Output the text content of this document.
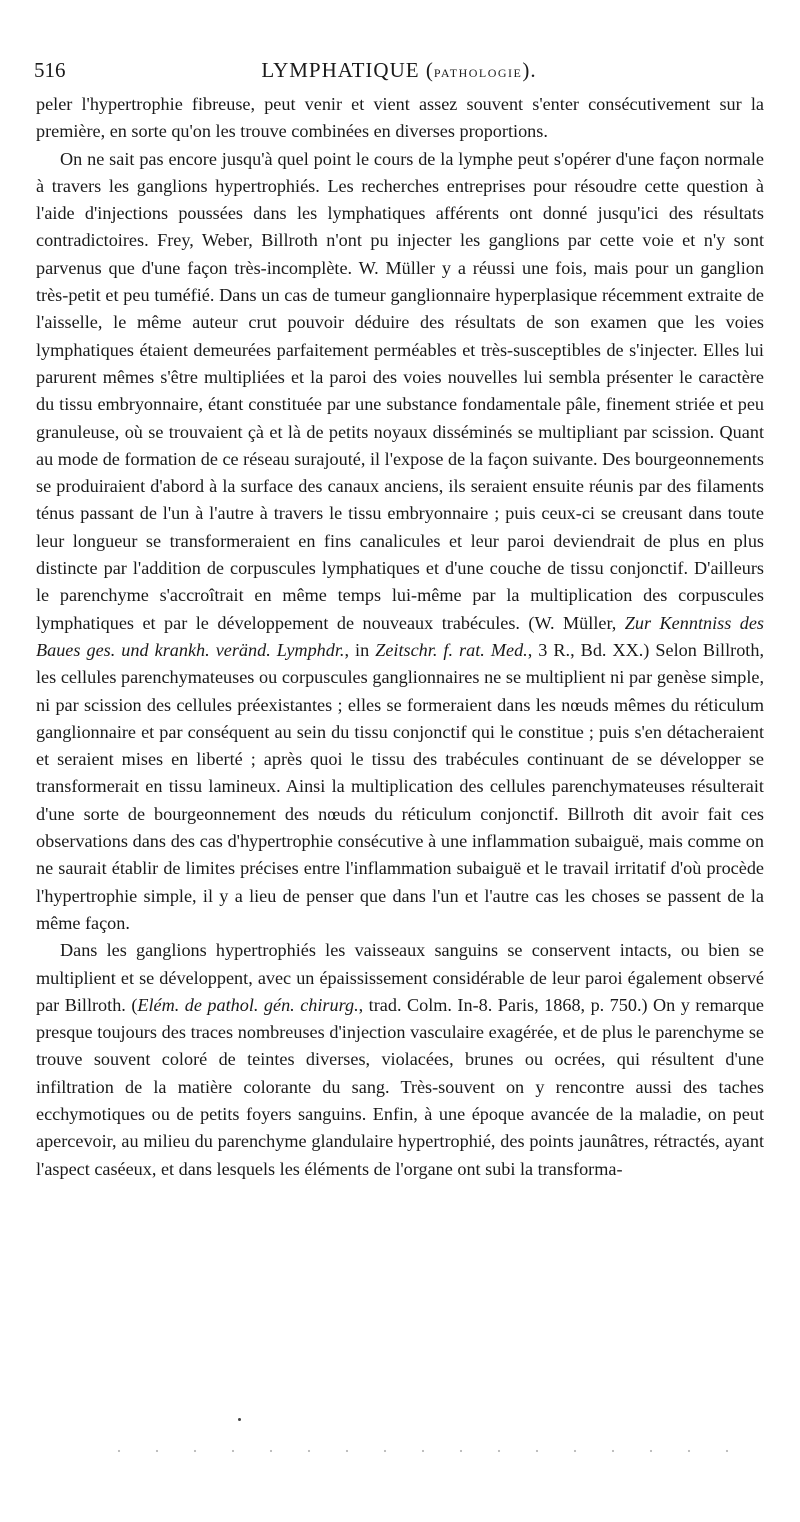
516	LYMPHATIQUE (PATHOLOGIE).

peler l'hypertrophie fibreuse, peut venir et vient assez souvent s'enter consécutivement sur la première, en sorte qu'on les trouve combinées en diverses proportions.

On ne sait pas encore jusqu'à quel point le cours de la lymphe peut s'opérer d'une façon normale à travers les ganglions hypertrophiés. Les recherches entreprises pour résoudre cette question à l'aide d'injections poussées dans les lymphatiques afférents ont donné jusqu'ici des résultats contradictoires. Frey, Weber, Billroth n'ont pu injecter les ganglions par cette voie et n'y sont parvenus que d'une façon très-incomplète. W. Müller y a réussi une fois, mais pour un ganglion très-petit et peu tuméfié. Dans un cas de tumeur ganglionnaire hyperplasique récemment extraite de l'aisselle, le même auteur crut pouvoir déduire des résultats de son examen que les voies lymphatiques étaient demeurées parfaitement perméables et très-susceptibles de s'injecter. Elles lui parurent mêmes s'être multipliées et la paroi des voies nouvelles lui sembla présenter le caractère du tissu embryonnaire, étant constituée par une substance fondamentale pâle, finement striée et peu granuleuse, où se trouvaient çà et là de petits noyaux disséminés se multipliant par scission. Quant au mode de formation de ce réseau surajouté, il l'expose de la façon suivante. Des bourgeonnements se produiraient d'abord à la surface des canaux anciens, ils seraient ensuite réunis par des filaments ténus passant de l'un à l'autre à travers le tissu embryonnaire ; puis ceux-ci se creusant dans toute leur longueur se transformeraient en fins canalicules et leur paroi deviendrait de plus en plus distincte par l'addition de corpuscules lymphatiques et d'une couche de tissu conjonctif. D'ailleurs le parenchyme s'accroîtrait en même temps lui-même par la multiplication des corpuscules lymphatiques et par le développement de nouveaux trabécules. (W. Müller, Zur Kenntniss des Baues ges. und krankh. veränd. Lymphdr., in Zeitschr. f. rat. Med., 3 R., Bd. XX.) Selon Billroth, les cellules parenchymateuses ou corpuscules ganglionnaires ne se multiplient ni par genèse simple, ni par scission des cellules préexistantes ; elles se formeraient dans les nœuds mêmes du réticulum ganglionnaire et par conséquent au sein du tissu conjonctif qui le constitue ; puis s'en détacheraient et seraient mises en liberté ; après quoi le tissu des trabécules continuant de se développer se transformerait en tissu lamineux. Ainsi la multiplication des cellules parenchymateuses résulterait d'une sorte de bourgeonnement des nœuds du réticulum conjonctif. Billroth dit avoir fait ces observations dans des cas d'hypertrophie consécutive à une inflammation subaiguë, mais comme on ne saurait établir de limites précises entre l'inflammation subaiguë et le travail irritatif d'où procède l'hypertrophie simple, il y a lieu de penser que dans l'un et l'autre cas les choses se passent de la même façon.

Dans les ganglions hypertrophiés les vaisseaux sanguins se conservent intacts, ou bien se multiplient et se développent, avec un épaississement considérable de leur paroi également observé par Billroth. (Elém. de pathol. gén. chirurg., trad. Colm. In-8. Paris, 1868, p. 750.) On y remarque presque toujours des traces nombreuses d'injection vasculaire exagérée, et de plus le parenchyme se trouve souvent coloré de teintes diverses, violacées, brunes ou ocrées, qui résultent d'une infiltration de la matière colorante du sang. Très-souvent on y rencontre aussi des taches ecchymotiques ou de petits foyers sanguins. Enfin, à une époque avancée de la maladie, on peut apercevoir, au milieu du parenchyme glandulaire hypertrophié, des points jaunâtres, rétractés, ayant l'aspect caséeux, et dans lesquels les éléments de l'organe ont subi la transforma-
